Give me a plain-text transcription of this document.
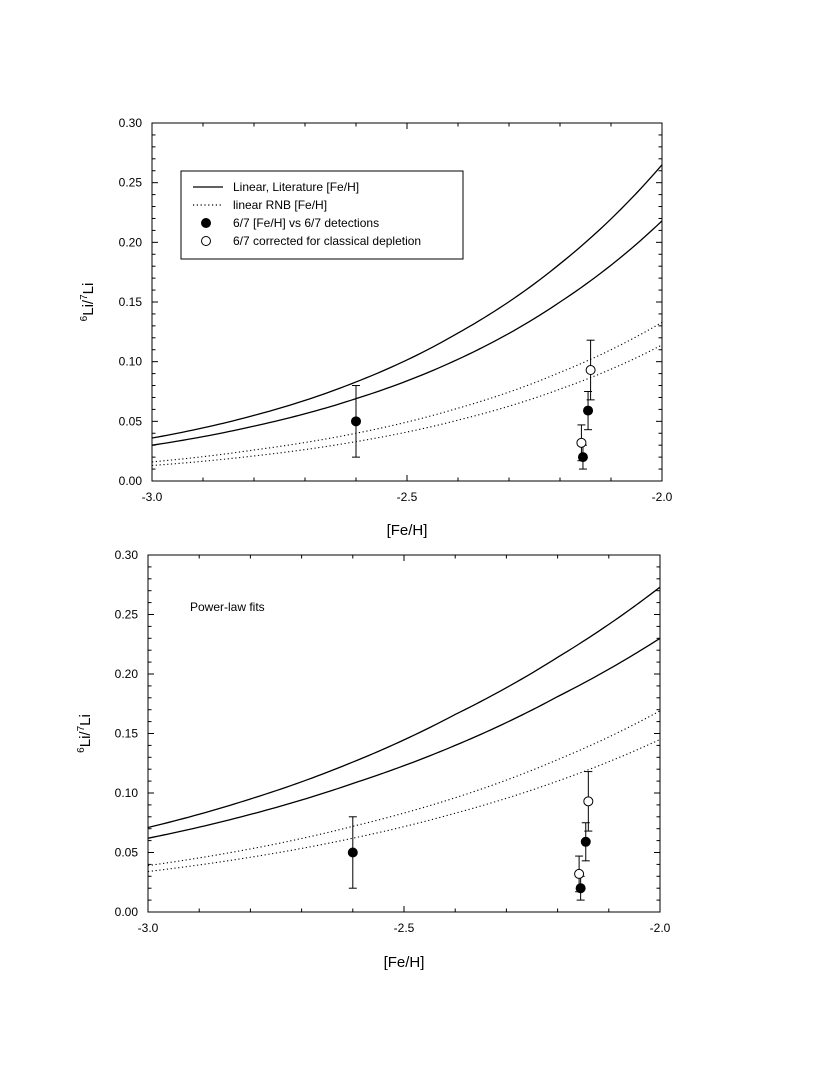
-3.0	-2.5	-2.0
0.00
0.05
0.10
0.15
0.20
0.25
0.30
[Fe/H]
$^6$Li/$^7$Li
Linear, Literature [Fe/H]
linear RNB [Fe/H]
6/7 [Fe/H] vs 6/7 detections
6/7 corrected for classical depletion
-3.0	-2.5	-2.0
0.00
0.05
0.10
0.15
0.20
0.25
0.30
[Fe/H]
$^6$Li/$^7$Li
Power-law fits
